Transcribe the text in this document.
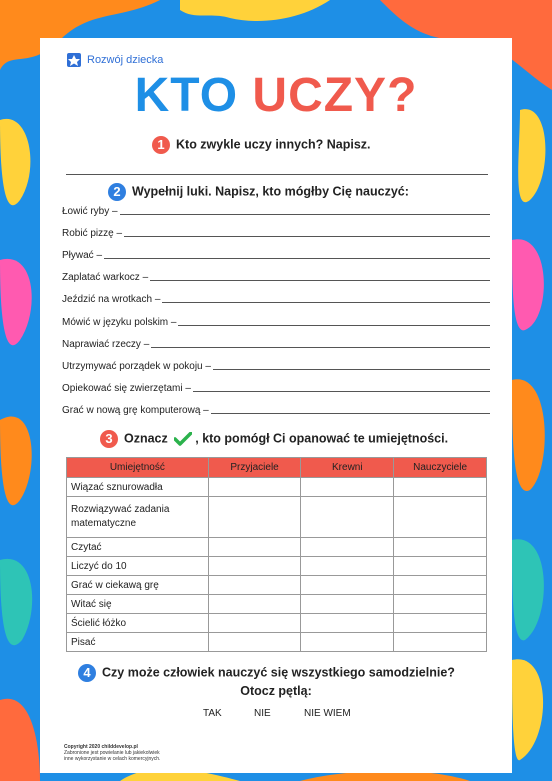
Rozwój dziecka
KTO UCZY?
1 Kto zwykle uczy innych? Napisz.
2 Wypełnij luki. Napisz, kto mógłby Cię nauczyć:
Łowić ryby –
Robić pizzę –
Pływać –
Zaplatać warkocz –
Jeździć na wrotkach –
Mówić w języku polskim –
Naprawiać rzeczy –
Utrzymywać porządek w pokoju –
Opiekować się zwierzętami –
Grać w nową grę komputerową –
3 Oznacz , kto pomógł Ci opanować te umiejętności.
Umiejętność	Przyjaciele	Krewni	Nauczyciele
Wiązać sznurowadła			
Rozwiązywać zadania matematyczne			
Czytać			
Liczyć do 10			
Grać w ciekawą grę			
Witać się			
Ścielić łóżko			
Pisać			
4 Czy może człowiek nauczyć się wszystkiego samodzielnie?
Otocz pętlą:
TAK	NIE	NIE WIEM
Copyright 2020 childdevelop.pl
Zabronione jest powielanie lub jakiekolwiek
inne wykorzystanie w celach komercyjnych.
